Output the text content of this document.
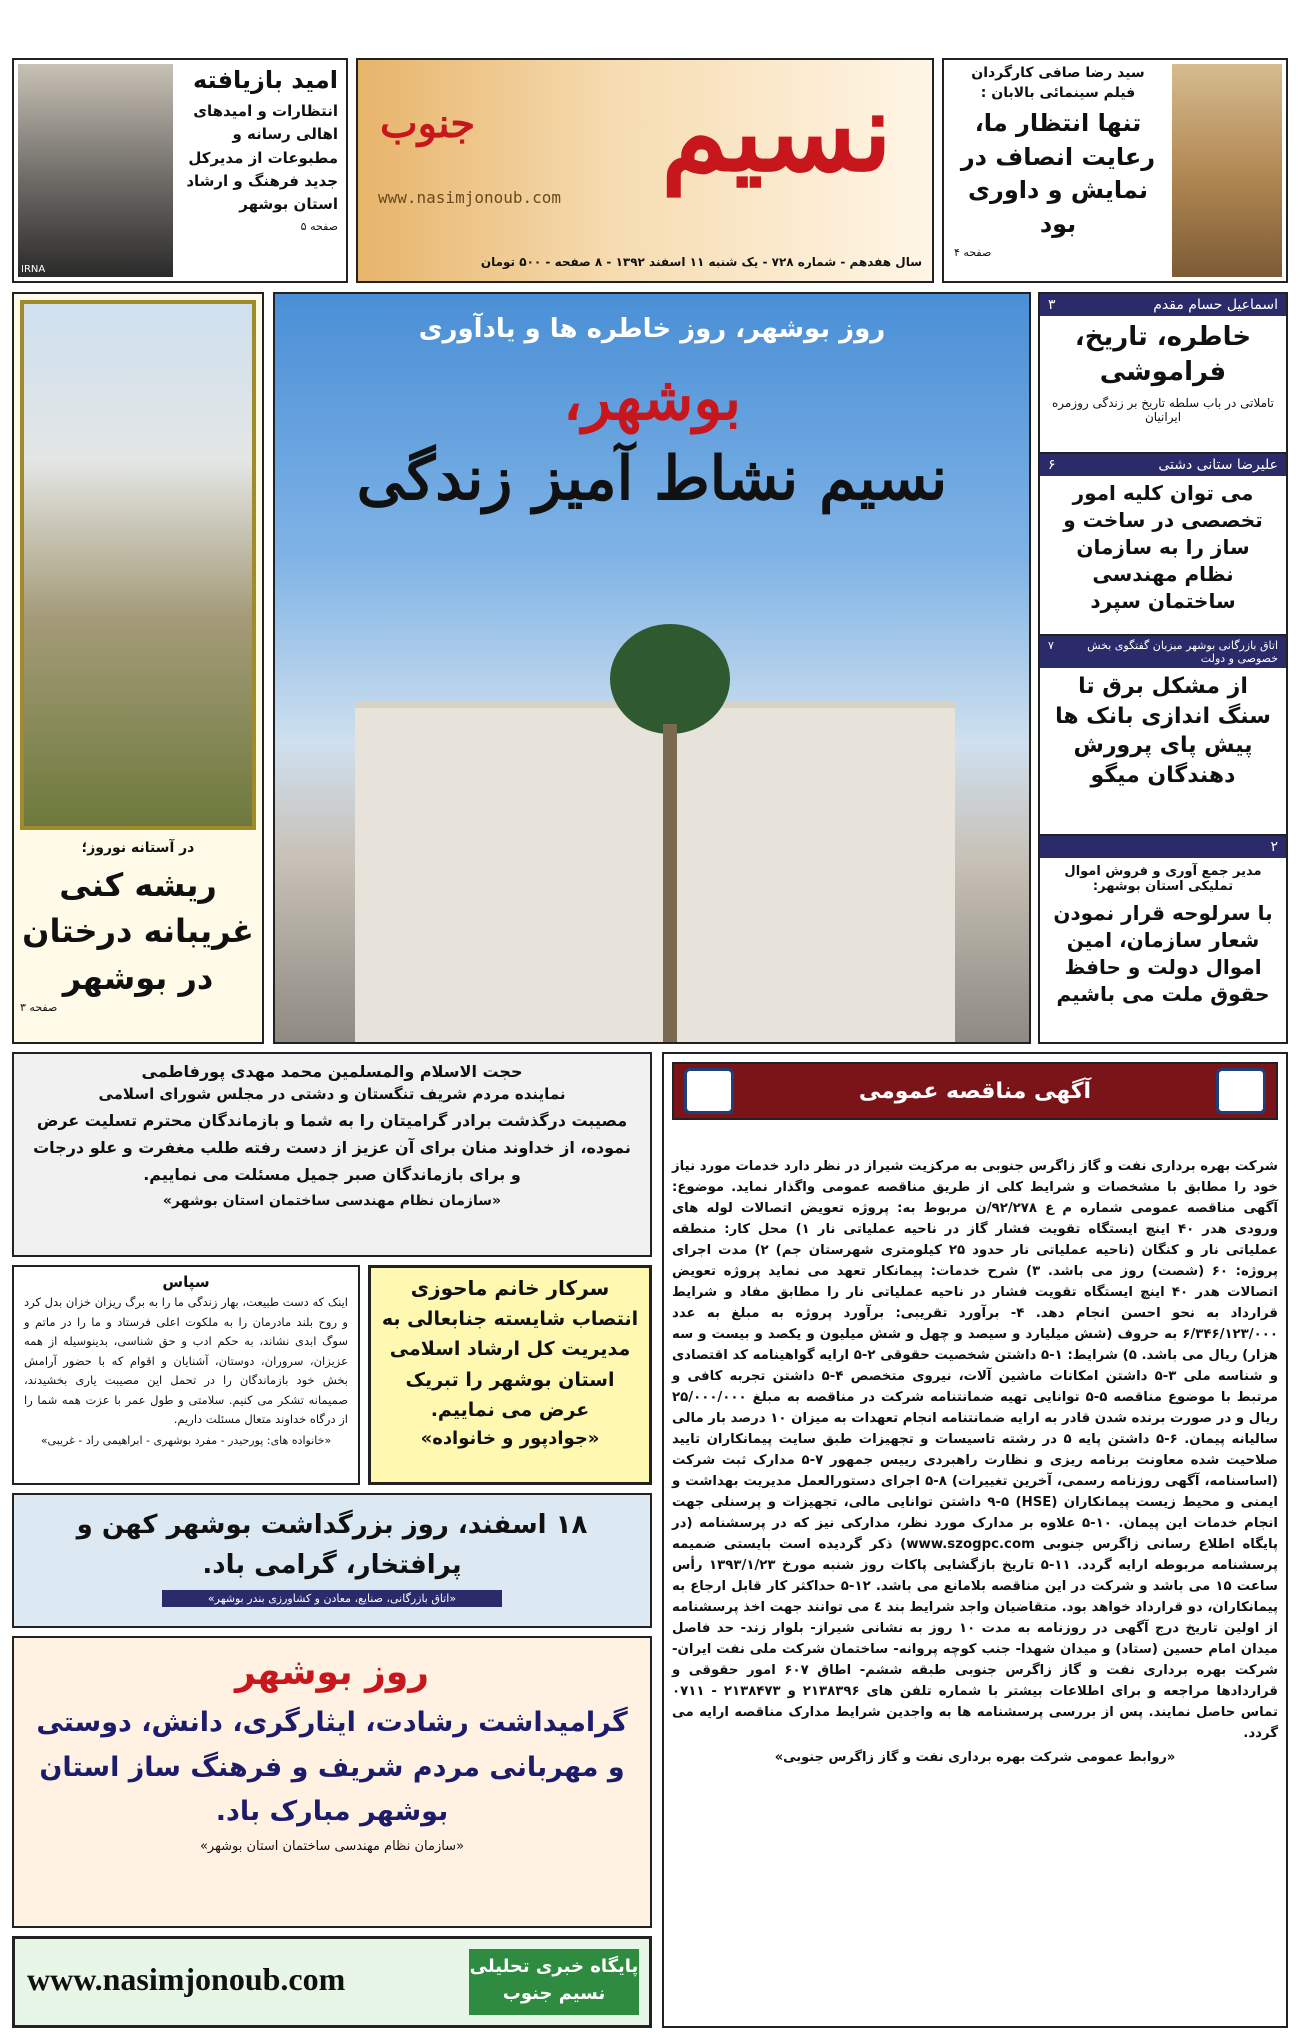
IRNA
امید بازیافته
انتظارات و امیدهای اهالی رسانه و مطبوعات از مدیرکل جدید فرهنگ و ارشاد استان بوشهر
صفحه ۵
نسیم
جنوب
www.nasimjonoub.com
سال هفدهم - شماره ۷۲۸ - یک شنبه ۱۱ اسفند ۱۳۹۲ - ۸ صفحه - ۵۰۰ تومان
سید رضا صافی کارگردان فیلم سینمائی بالابان :
تنها انتظار ما، رعایت انصاف در نمایش و داوری بود
صفحه ۴
اسماعیل حسام مقدم
۳
خاطره، تاریخ، فراموشی
تاملاتی در باب سلطه تاریخ بر زندگی روزمره ایرانیان
علیرضا ستانی دشتی
۶
می توان کلیه امور تخصصی در ساخت و ساز را به سازمان نظام مهندسی ساختمان سپرد
اتاق بازرگانی بوشهر میزبان گفتگوی بخش خصوصی و دولت
۷
از مشکل برق تا سنگ اندازی بانک ها پیش پای پرورش دهندگان میگو
۲
مدیر جمع آوری و فروش اموال تملیکی استان بوشهر:
با سرلوحه قرار نمودن شعار سازمان، امین اموال دولت و حافظ حقوق ملت می باشیم
روز بوشهر، روز خاطره ها و یادآوری
بوشهر،
نسیم نشاط آمیز زندگی
در آستانه نوروز؛
ریشه کنی غریبانه درختان در بوشهر
صفحه ۳
حجت الاسلام والمسلمین محمد مهدی پورفاطمی
نماینده مردم شریف تنگستان و دشتی در مجلس شورای اسلامی
مصیبت درگذشت برادر گرامیتان را به شما و بازماندگان محترم تسلیت عرض نموده، از خداوند منان برای آن عزیز از دست رفته طلب مغفرت و علو درجات و برای بازماندگان صبر جمیل مسئلت می نماییم.
«سازمان نظام مهندسی ساختمان استان بوشهر»
سپاس
اینک که دست طبیعت، بهار زندگی ما را به برگ ریزان خزان بدل کرد و روح بلند مادرمان را به ملکوت اعلی فرستاد و ما را در ماتم و سوگ ابدی نشاند، به حکم ادب و حق شناسی، بدینوسیله از همه عزیزان، سروران، دوستان، آشنایان و اقوام که با حضور آرامش بخش خود بازماندگان را در تحمل این مصیبت یاری بخشیدند، صمیمانه تشکر می کنیم. سلامتی و طول عمر با عزت همه شما را از درگاه خداوند متعال مسئلت داریم.
«خانواده های: پورحیدر - مفرد بوشهری - ابراهیمی راد - غریبی»
سرکار خانم ماحوزی
انتصاب شایسته جنابعالی به مدیریت کل ارشاد اسلامی استان بوشهر را تبریک عرض می نماییم.
«جوادپور و خانواده»
۱۸ اسفند، روز بزرگداشت بوشهر کهن و پرافتخار، گرامی باد.
«اتاق بازرگانی، صنایع، معادن و کشاورزی بندر بوشهر»
روز بوشهر
گرامیداشت رشادت، ایثارگری، دانش، دوستی و مهربانی مردم شریف و فرهنگ ساز استان بوشهر مبارک باد.
«سازمان نظام مهندسی ساختمان استان بوشهر»
www.nasimjonoub.com	پایگاه خبری تحلیلی نسیم جنوب
آگهی مناقصه عمومی
شرکت بهره برداری نفت و گاز زاگرس جنوبی به مرکزیت شیراز در نظر دارد خدمات مورد نیاز خود را مطابق با مشخصات و شرایط کلی از طریق مناقصه عمومی واگذار نماید. موضوع: آگهی مناقصه عمومی شماره م ع ۹۲/۲۷۸/ن مربوط به: پروژه تعویض اتصالات لوله های ورودی هدر ۴۰ اینچ ایستگاه تقویت فشار گاز در ناحیه عملیاتی نار ۱) محل کار: منطقه عملیاتی نار و کنگان (ناحیه عملیاتی نار حدود ۲۵ کیلومتری شهرستان جم) ۲) مدت اجرای پروژه: ۶۰ (شصت) روز می باشد. ۳) شرح خدمات: پیمانکار تعهد می نماید پروژه تعویض اتصالات هدر ۴۰ اینچ ایستگاه تقویت فشار در ناحیه عملیاتی نار را مطابق مفاد و شرایط قرارداد به نحو احسن انجام دهد. ۴- برآورد تقریبی: برآورد پروژه به مبلغ به عدد ۶/۳۴۶/۱۲۳/۰۰۰ به حروف (شش میلیارد و سیصد و چهل و شش میلیون و یکصد و بیست و سه هزار) ریال می باشد. ۵) شرایط: ۱-۵ داشتن شخصیت حقوقی ۲-۵ ارایه گواهینامه کد اقتصادی و شناسه ملی ۳-۵ داشتن امکانات ماشین آلات، نیروی متخصص ۴-۵ داشتن تجربه کافی و مرتبط با موضوع مناقصه ۵-۵ توانایی تهیه ضمانتنامه شرکت در مناقصه به مبلغ ۲۵/۰۰۰/۰۰۰ ریال و در صورت برنده شدن قادر به ارایه ضمانتنامه انجام تعهدات به میزان ۱۰ درصد بار مالی سالیانه پیمان. ۶-۵ داشتن پایه ۵ در رشته تاسیسات و تجهیزات طبق سایت پیمانکاران تایید صلاحیت شده معاونت برنامه ریزی و نظارت راهبردی رییس جمهور ۷-۵ مدارک ثبت شرکت (اساسنامه، آگهی روزنامه رسمی، آخرین تغییرات) ۸-۵ اجرای دستورالعمل مدیریت بهداشت و ایمنی و محیط زیست پیمانکاران (HSE) ۹-۵ داشتن توانایی مالی، تجهیزات و پرسنلی جهت انجام خدمات این پیمان. ۱۰-۵ علاوه بر مدارک مورد نظر، مدارکی نیز که در پرسشنامه (در پایگاه اطلاع رسانی زاگرس جنوبی www.szogpc.com) ذکر گردیده است بایستی ضمیمه پرسشنامه مربوطه ارایه گردد. ۱۱-۵ تاریخ بازگشایی پاکات روز شنبه مورخ ۱۳۹۳/۱/۲۳ رأس ساعت ۱۵ می باشد و شرکت در این مناقصه بلامانع می باشد. ۱۲-۵ حداکثر کار قابل ارجاع به پیمانکاران، دو قرارداد خواهد بود. متقاضیان واجد شرایط بند ٤ می توانند جهت اخذ پرسشنامه از اولین تاریخ درج آگهی در روزنامه به مدت ۱۰ روز به نشانی شیراز- بلوار زند- حد فاصل میدان امام حسین (ستاد) و میدان شهدا- جنب کوچه پروانه- ساختمان شرکت ملی نفت ایران- شرکت بهره برداری نفت و گاز زاگرس جنوبی طبقه ششم- اطاق ۶۰۷ امور حقوقی و قراردادها مراجعه و برای اطلاعات بیشتر با شماره تلفن های ۲۱۳۸۳۹۶ و ۲۱۳۸۴۷۳ - ۰۷۱۱ تماس حاصل نمایند. پس از بررسی پرسشنامه ها به واجدین شرایط مدارک مناقصه ارایه می گردد.
«روابط عمومی شرکت بهره برداری نفت و گاز زاگرس جنوبی»
